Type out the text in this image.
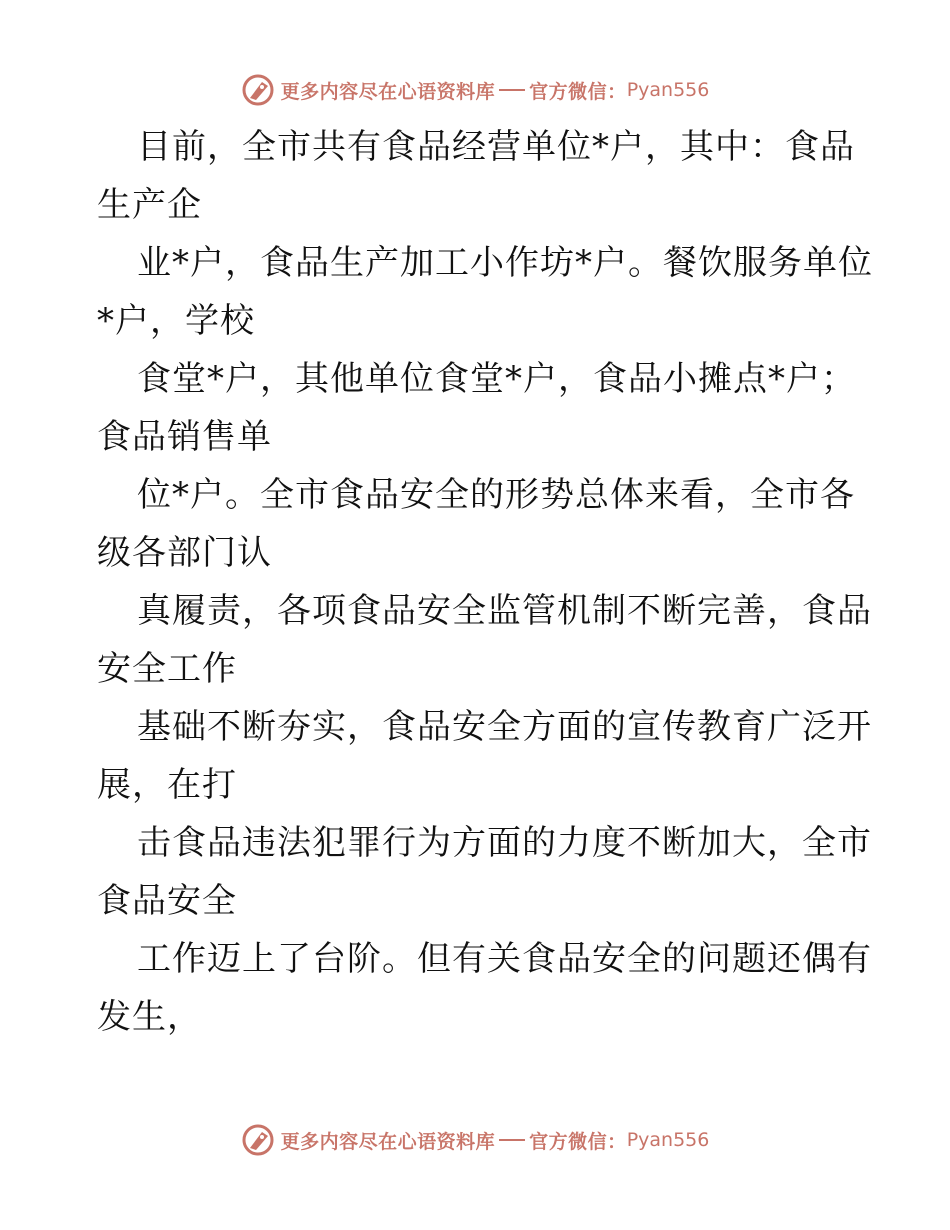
更多内容尽在心语资料库 官方微信： Pyan556
目前，全市共有食品经营单位*户，其中：食品
生产企
业*户，食品生产加工小作坊*户。餐饮服务单位
*户，学校
食堂*户，其他单位食堂*户，食品小摊点*户；
食品销售单
位*户。全市食品安全的形势总体来看，全市各
级各部门认
真履责，各项食品安全监管机制不断完善，食品
安全工作
基础不断夯实，食品安全方面的宣传教育广泛开
展，在打
击食品违法犯罪行为方面的力度不断加大，全市
食品安全
工作迈上了台阶。但有关食品安全的问题还偶有
发生，
更多内容尽在心语资料库 官方微信： Pyan556
